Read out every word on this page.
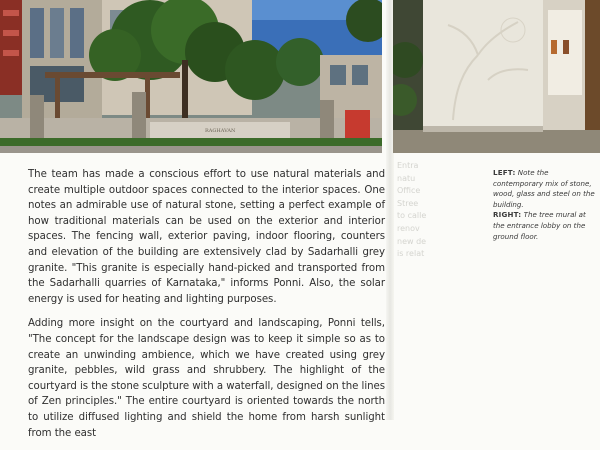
RAGHAVAN

The team has made a conscious effort to use natural materials and create multiple outdoor spaces connected to the interior spaces. One notes an admirable use of natural stone, setting a perfect example of how traditional materials can be used on the exterior and interior spaces. The fencing wall, exterior paving, indoor flooring, counters and elevation of the building are extensively clad by Sadarhalli grey granite. "This granite is especially hand-picked and transported from the Sadarhalli quarries of Karnataka," informs Ponni. Also, the solar energy is used for heating and lighting purposes.

Adding more insight on the courtyard and landscaping, Ponni tells, "The concept for the landscape design was to keep it simple so as to create an unwinding ambience, which we have created using grey granite, pebbles, wild grass and shrubbery. The highlight of the courtyard is the stone sculpture with a waterfall, designed on the lines of Zen principles." The entire courtyard is oriented towards the north to utilize diffused lighting and shield the home from harsh sunlight from the east

Entra
natu
Office
Stree
to calle
renov
new de
is relat
LEFT: Note the contemporary mix of stone, wood, glass and steel on the building.
RIGHT: The tree mural at the entrance lobby on the ground floor.
